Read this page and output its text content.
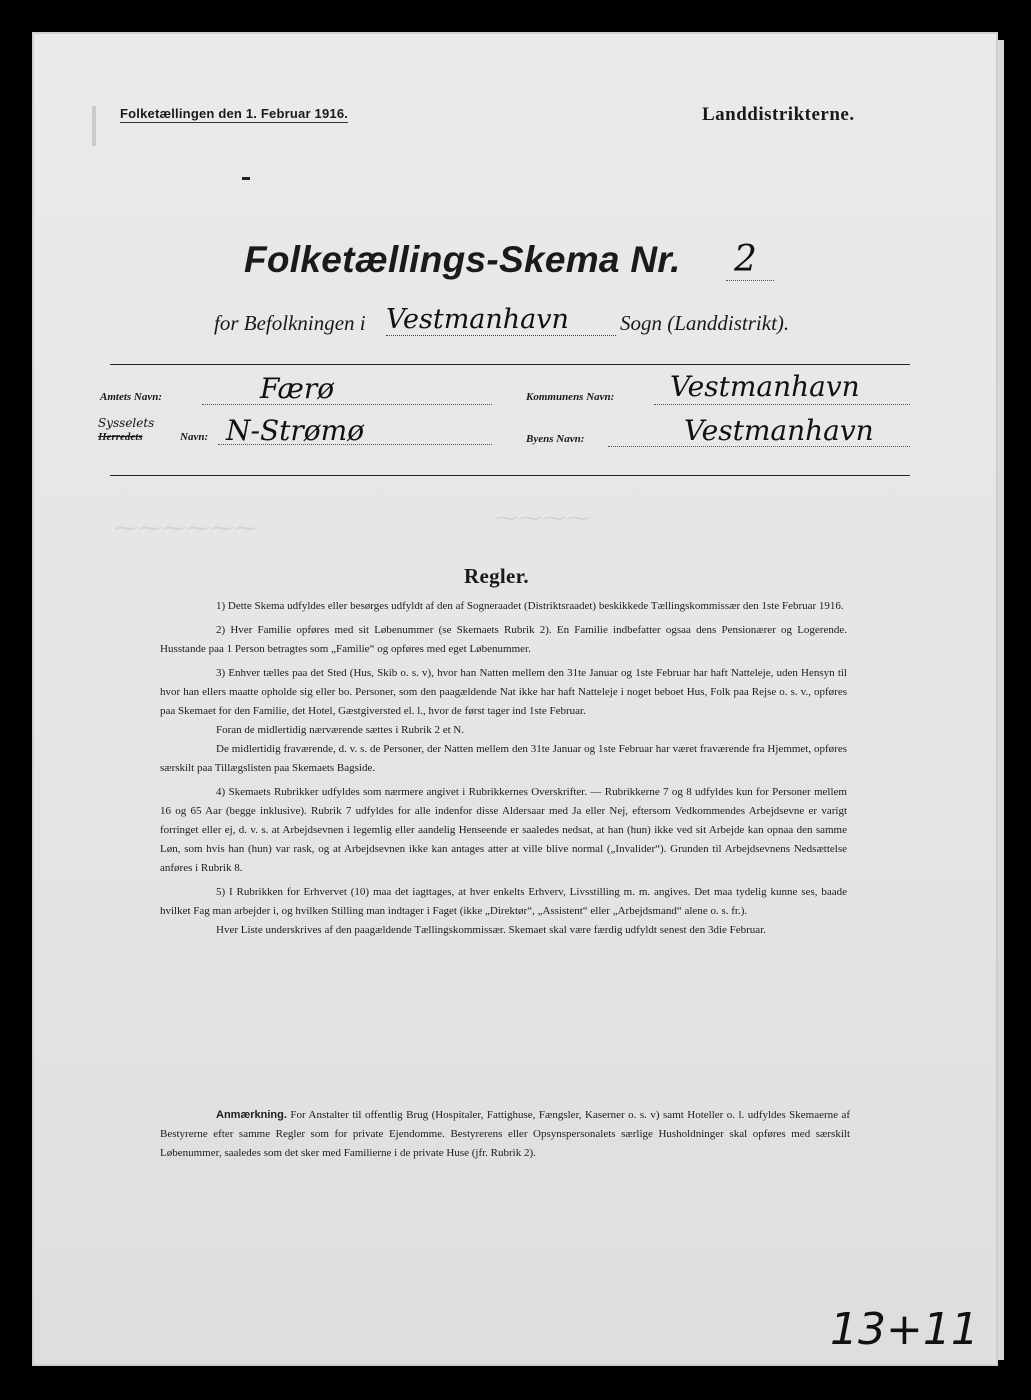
⁓⁓⁓⁓
⁓⁓⁓⁓⁓⁓
Folketællingen den 1. Februar 1916.	Landdistrikterne.
Folketællings-Skema Nr. 2
for Befolkningen i Vestmanhavn Sogn (Landdistrikt).
Amtets Navn:	Færø	Kommunens Navn: Vestmanhavn
Sysselets
Herredets	Navn: N-Strømø	Byens Navn:	Vestmanhavn
Regler.

1) Dette Skema udfyldes eller besørges udfyldt af den af Sogneraadet (Distriktsraadet) beskikkede Tællingskommissær den 1ste Februar 1916.

2) Hver Familie opføres med sit Løbenummer (se Skemaets Rubrik 2). En Familie indbefatter ogsaa dens Pensionærer og Logerende. Husstande paa 1 Person betragtes som „Familie“ og opføres med eget Løbenummer.

3) Enhver tælles paa det Sted (Hus, Skib o. s. v), hvor han Natten mellem den 31te Januar og 1ste Februar har haft Natteleje, uden Hensyn til hvor han ellers maatte opholde sig eller bo. Personer, som den paagældende Nat ikke har haft Natteleje i noget beboet Hus, Folk paa Rejse o. s. v., opføres paa Skemaet for den Familie, det Hotel, Gæstgiversted el. l., hvor de først tager ind 1ste Februar.

Foran de midlertidig nærværende sættes i Rubrik 2 et N.

De midlertidig fraværende, d. v. s. de Personer, der Natten mellem den 31te Januar og 1ste Februar har været fraværende fra Hjemmet, opføres særskilt paa Tillægslisten paa Skemaets Bagside.

4) Skemaets Rubrikker udfyldes som nærmere angivet i Rubrikkernes Overskrifter. — Rubrikkerne 7 og 8 udfyldes kun for Personer mellem 16 og 65 Aar (begge inklusive). Rubrik 7 udfyldes for alle indenfor disse Aldersaar med Ja eller Nej, eftersom Vedkommendes Arbejdsevne er varigt forringet eller ej, d. v. s. at Arbejdsevnen i legemlig eller aandelig Henseende er saaledes nedsat, at han (hun) ikke ved sit Arbejde kan opnaa den samme Løn, som hvis han (hun) var rask, og at Arbejdsevnen ikke kan antages atter at ville blive normal („Invalider“). Grunden til Arbejdsevnens Nedsættelse anføres i Rubrik 8.

5) I Rubrikken for Erhvervet (10) maa det iagttages, at hver enkelts Erhverv, Livsstilling m. m. angives. Det maa tydelig kunne ses, baade hvilket Fag man arbejder i, og hvilken Stilling man indtager i Faget (ikke „Direktør“, „Assistent“ eller „Arbejdsmand“ alene o. s. fr.).

Hver Liste underskrives af den paagældende Tællingskommissær. Skemaet skal være færdig udfyldt senest den 3die Februar.

Anmærkning. For Anstalter til offentlig Brug (Hospitaler, Fattighuse, Fængsler, Kaserner o. s. v) samt Hoteller o. l. udfyldes Skemaerne af Bestyrerne efter samme Regler som for private Ejendomme. Bestyrerens eller Opsynspersonalets særlige Husholdninger skal opføres med særskilt Løbenummer, saaledes som det sker med Familierne i de private Huse (jfr. Rubrik 2).
13+11
